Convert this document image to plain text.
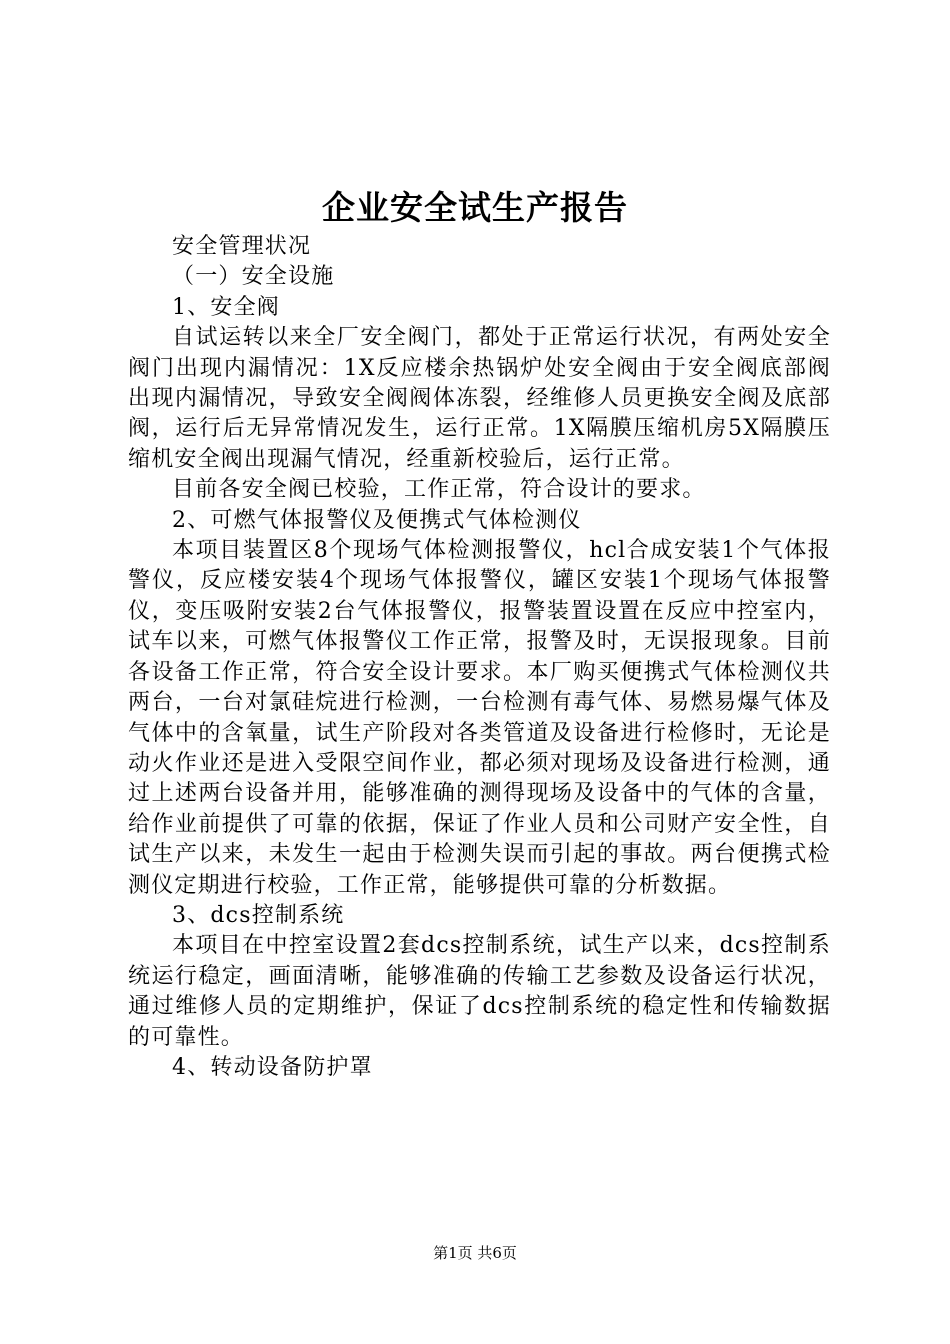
企业安全试生产报告

安全管理状况

（一）安全设施

1、安全阀

自试运转以来全厂安全阀门，都处于正常运行状况，有两处安全阀门出现内漏情况：1X反应楼余热锅炉处安全阀由于安全阀底部阀出现内漏情况，导致安全阀阀体冻裂，经维修人员更换安全阀及底部阀，运行后无异常情况发生，运行正常。1X隔膜压缩机房5X隔膜压缩机安全阀出现漏气情况，经重新校验后，运行正常。

目前各安全阀已校验，工作正常，符合设计的要求。

2、可燃气体报警仪及便携式气体检测仪

本项目装置区8个现场气体检测报警仪，hcl合成安装1个气体报警仪，反应楼安装4个现场气体报警仪，罐区安装1个现场气体报警仪，变压吸附安装2台气体报警仪，报警装置设置在反应中控室内，试车以来，可燃气体报警仪工作正常，报警及时，无误报现象。目前各设备工作正常，符合安全设计要求。本厂购买便携式气体检测仪共两台，一台对氯硅烷进行检测，一台检测有毒气体、易燃易爆气体及气体中的含氧量，试生产阶段对各类管道及设备进行检修时，无论是动火作业还是进入受限空间作业，都必须对现场及设备进行检测，通过上述两台设备并用，能够准确的测得现场及设备中的气体的含量，给作业前提供了可靠的依据，保证了作业人员和公司财产安全性，自试生产以来，未发生一起由于检测失误而引起的事故。两台便携式检测仪定期进行校验，工作正常，能够提供可靠的分析数据。

3、dcs控制系统

本项目在中控室设置2套dcs控制系统，试生产以来，dcs控制系统运行稳定，画面清晰，能够准确的传输工艺参数及设备运行状况，通过维修人员的定期维护，保证了dcs控制系统的稳定性和传输数据的可靠性。

4、转动设备防护罩

第1页 共6页
